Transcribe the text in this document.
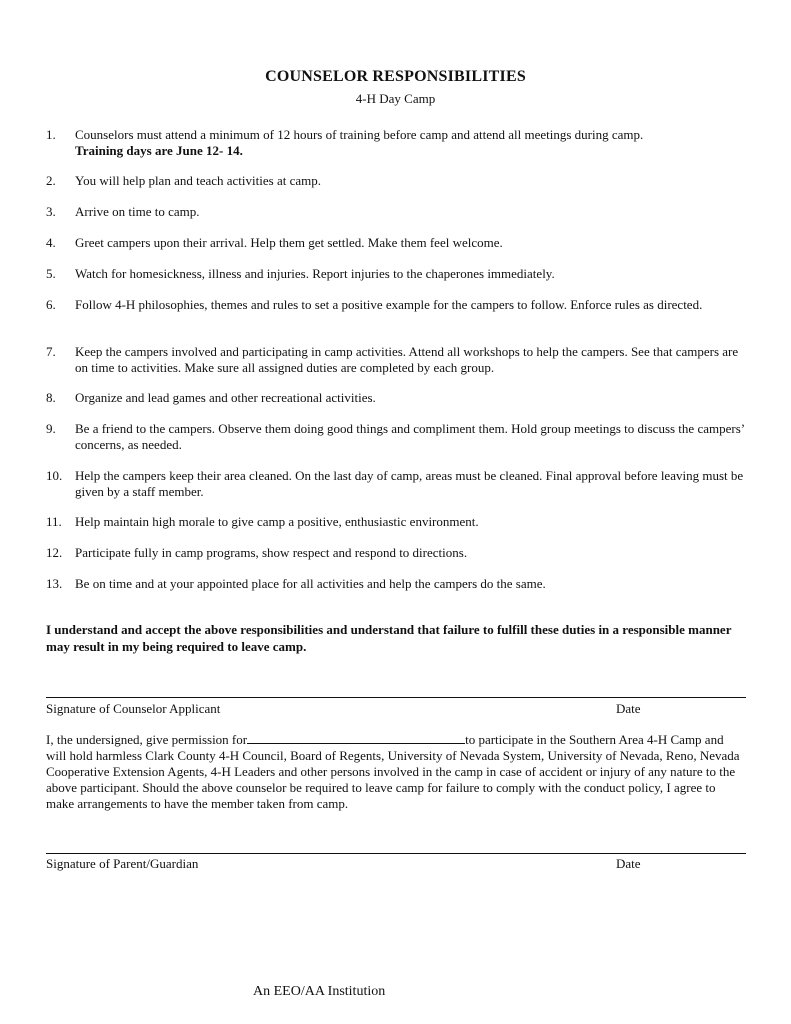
COUNSELOR RESPONSIBILITIES
4-H Day Camp
1. Counselors must attend a minimum of 12 hours of training before camp and attend all meetings during camp.
Training days are June 12- 14.
2. You will help plan and teach activities at camp.
3. Arrive on time to camp.
4. Greet campers upon their arrival. Help them get settled. Make them feel welcome.
5. Watch for homesickness, illness and injuries. Report injuries to the chaperones immediately.
6. Follow 4-H philosophies, themes and rules to set a positive example for the campers to follow. Enforce rules as directed.
7. Keep the campers involved and participating in camp activities. Attend all workshops to help the campers. See that campers are on time to activities. Make sure all assigned duties are completed by each group.
8. Organize and lead games and other recreational activities.
9. Be a friend to the campers. Observe them doing good things and compliment them. Hold group meetings to discuss the campers’ concerns, as needed.
10. Help the campers keep their area cleaned. On the last day of camp, areas must be cleaned. Final approval before leaving must be given by a staff member.
11. Help maintain high morale to give camp a positive, enthusiastic environment.
12. Participate fully in camp programs, show respect and respond to directions.
13. Be on time and at your appointed place for all activities and help the campers do the same.
I understand and accept the above responsibilities and understand that failure to fulfill these duties in a responsible manner may result in my being required to leave camp.
Signature of Counselor Applicant	Date
I, the undersigned, give permission for	to participate in the Southern Area 4-H Camp and will hold harmless Clark County 4-H Council, Board of Regents, University of Nevada System, University of Nevada, Reno, Nevada Cooperative Extension Agents, 4-H Leaders and other persons involved in the camp in case of accident or injury of any nature to the above participant. Should the above counselor be required to leave camp for failure to comply with the conduct policy, I agree to make arrangements to have the member taken from camp.
Signature of Parent/Guardian	Date
An EEO/AA Institution
